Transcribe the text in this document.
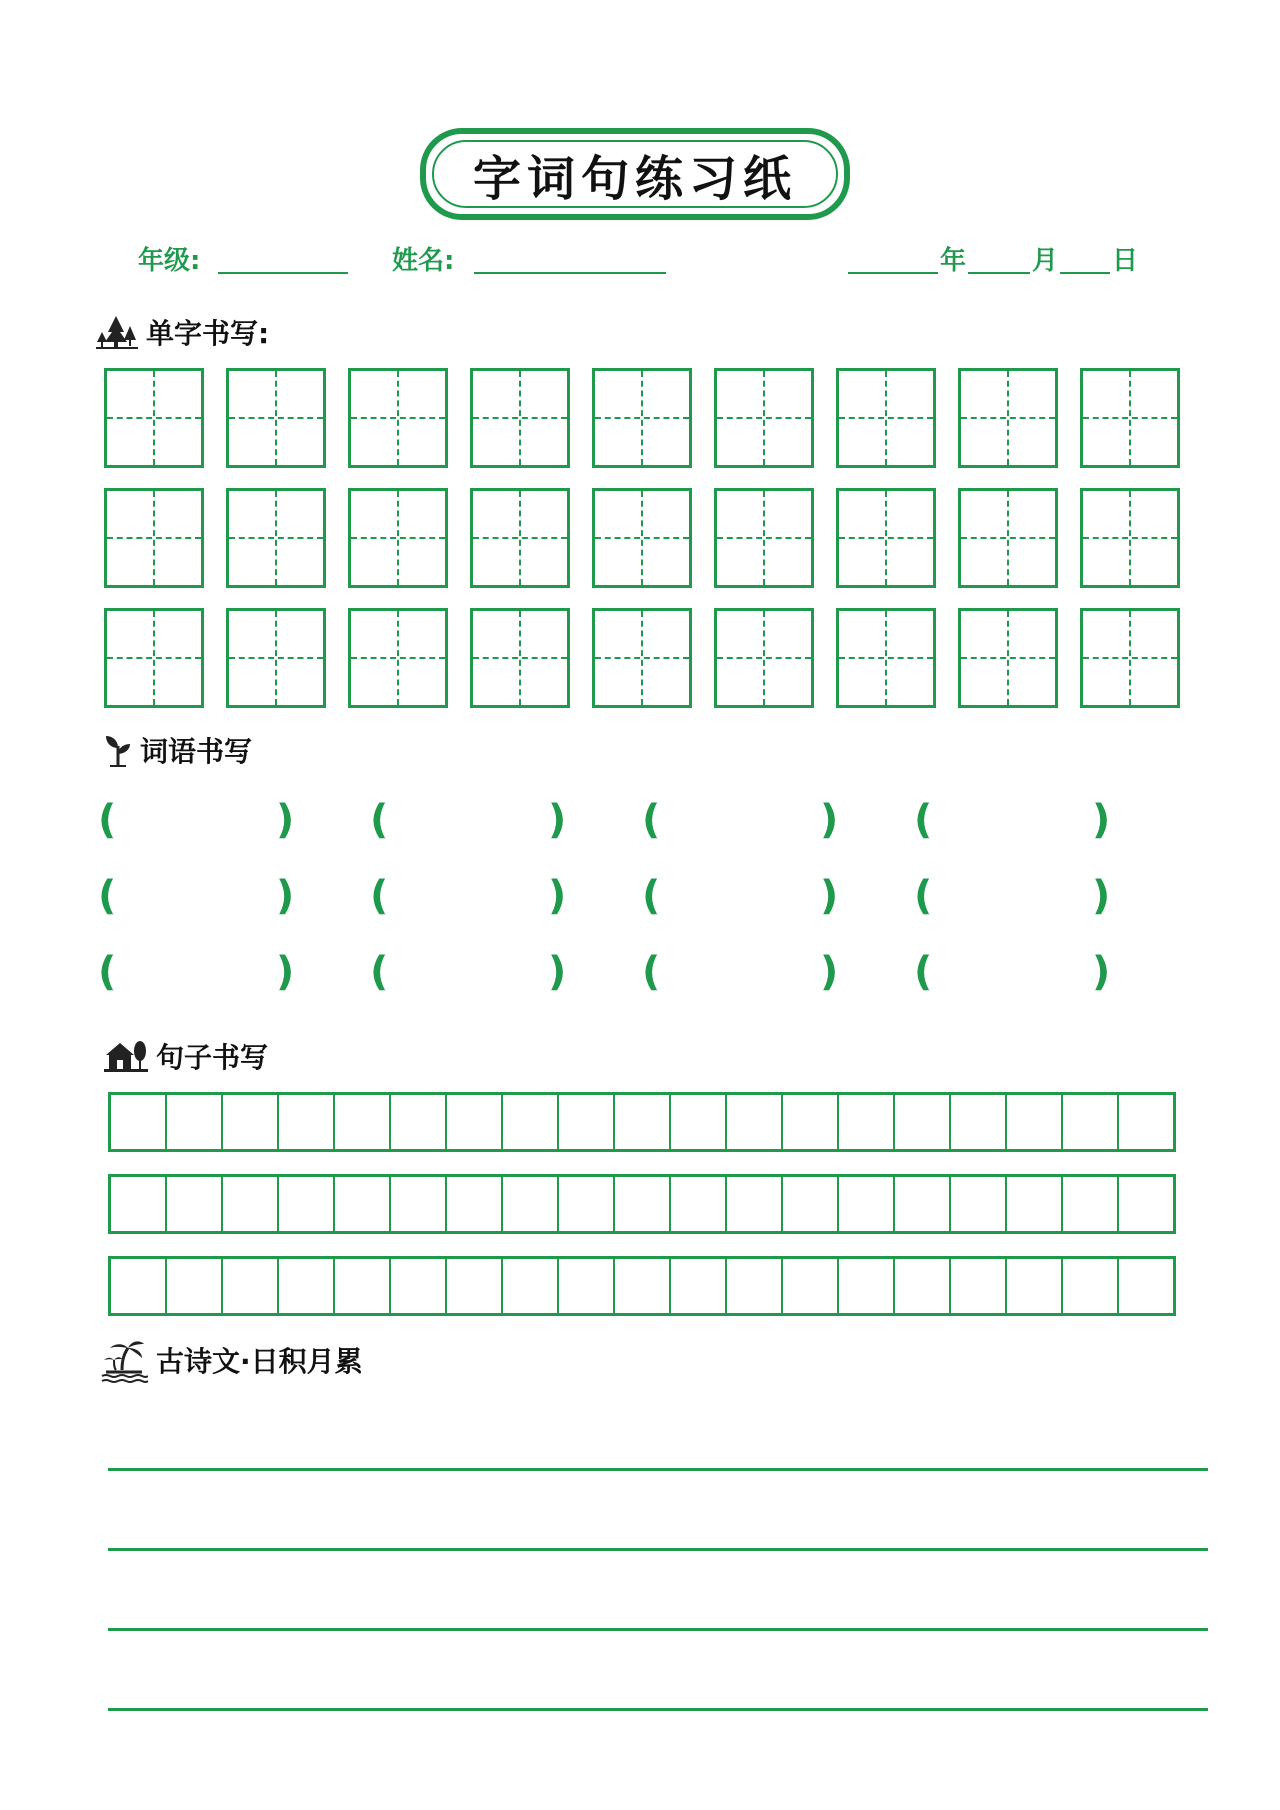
字词句练习纸
年级:	姓名:	年	月 日
单字书写:
词语书写
(	) (	) (	) (	)
(	) (	) (	) (	)
(	) (	) (	) (	)
句子书写
古诗文·日积月累
